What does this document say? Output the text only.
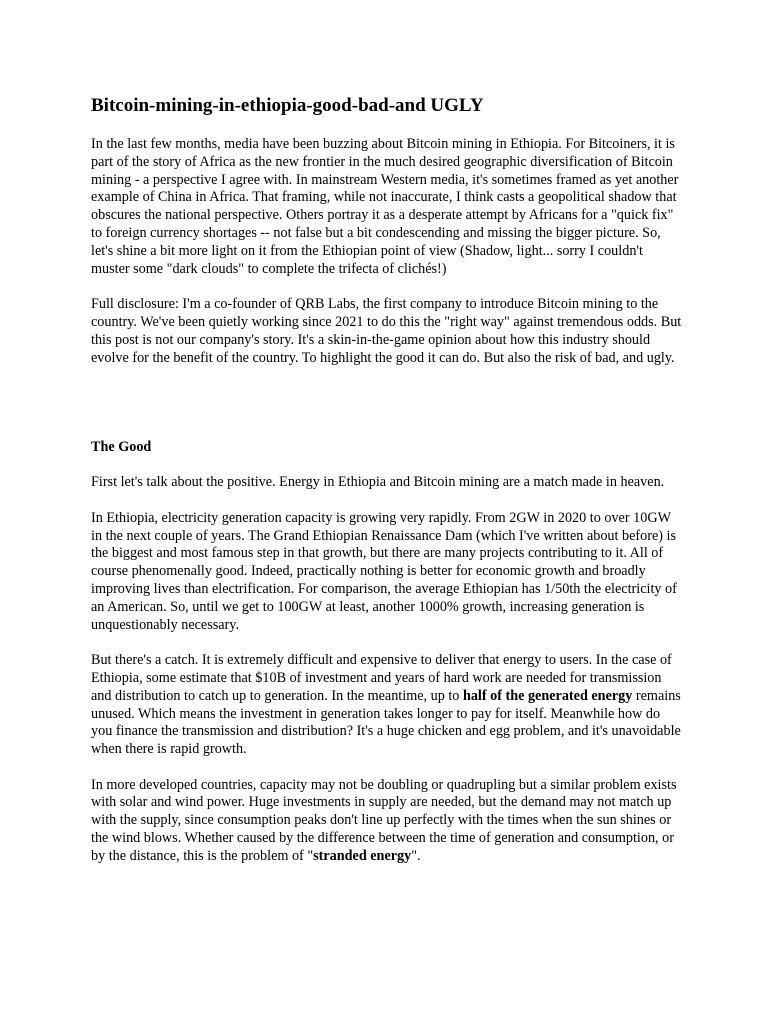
Bitcoin-mining-in-ethiopia-good-bad-and UGLY

In the last few months, media have been buzzing about Bitcoin mining in Ethiopia. For Bitcoiners, it is part of the story of Africa as the new frontier in the much desired geographic diversification of Bitcoin mining - a perspective I agree with. In mainstream Western media, it's sometimes framed as yet another example of China in Africa. That framing, while not inaccurate, I think casts a geopolitical shadow that obscures the national perspective. Others portray it as a desperate attempt by Africans for a "quick fix" to foreign currency shortages -- not false but a bit condescending and missing the bigger picture. So, let's shine a bit more light on it from the Ethiopian point of view (Shadow, light... sorry I couldn't muster some "dark clouds" to complete the trifecta of clichés!)

Full disclosure: I'm a co-founder of QRB Labs, the first company to introduce Bitcoin mining to the country. We've been quietly working since 2021 to do this the "right way" against tremendous odds. But this post is not our company's story. It's a skin-in-the-game opinion about how this industry should evolve for the benefit of the country. To highlight the good it can do. But also the risk of bad, and ugly.

The Good

First let's talk about the positive. Energy in Ethiopia and Bitcoin mining are a match made in heaven.

In Ethiopia, electricity generation capacity is growing very rapidly. From 2GW in 2020 to over 10GW in the next couple of years. The Grand Ethiopian Renaissance Dam (which I've written about before) is the biggest and most famous step in that growth, but there are many projects contributing to it. All of course phenomenally good. Indeed, practically nothing is better for economic growth and broadly improving lives than electrification. For comparison, the average Ethiopian has 1/50th the electricity of an American. So, until we get to 100GW at least, another 1000% growth, increasing generation is unquestionably necessary.

But there's a catch. It is extremely difficult and expensive to deliver that energy to users. In the case of Ethiopia, some estimate that $10B of investment and years of hard work are needed for transmission and distribution to catch up to generation. In the meantime, up to half of the generated energy remains unused. Which means the investment in generation takes longer to pay for itself. Meanwhile how do you finance the transmission and distribution? It's a huge chicken and egg problem, and it's unavoidable when there is rapid growth.

In more developed countries, capacity may not be doubling or quadrupling but a similar problem exists with solar and wind power. Huge investments in supply are needed, but the demand may not match up with the supply, since consumption peaks don't line up perfectly with the times when the sun shines or the wind blows. Whether caused by the difference between the time of generation and consumption, or by the distance, this is the problem of "stranded energy".
